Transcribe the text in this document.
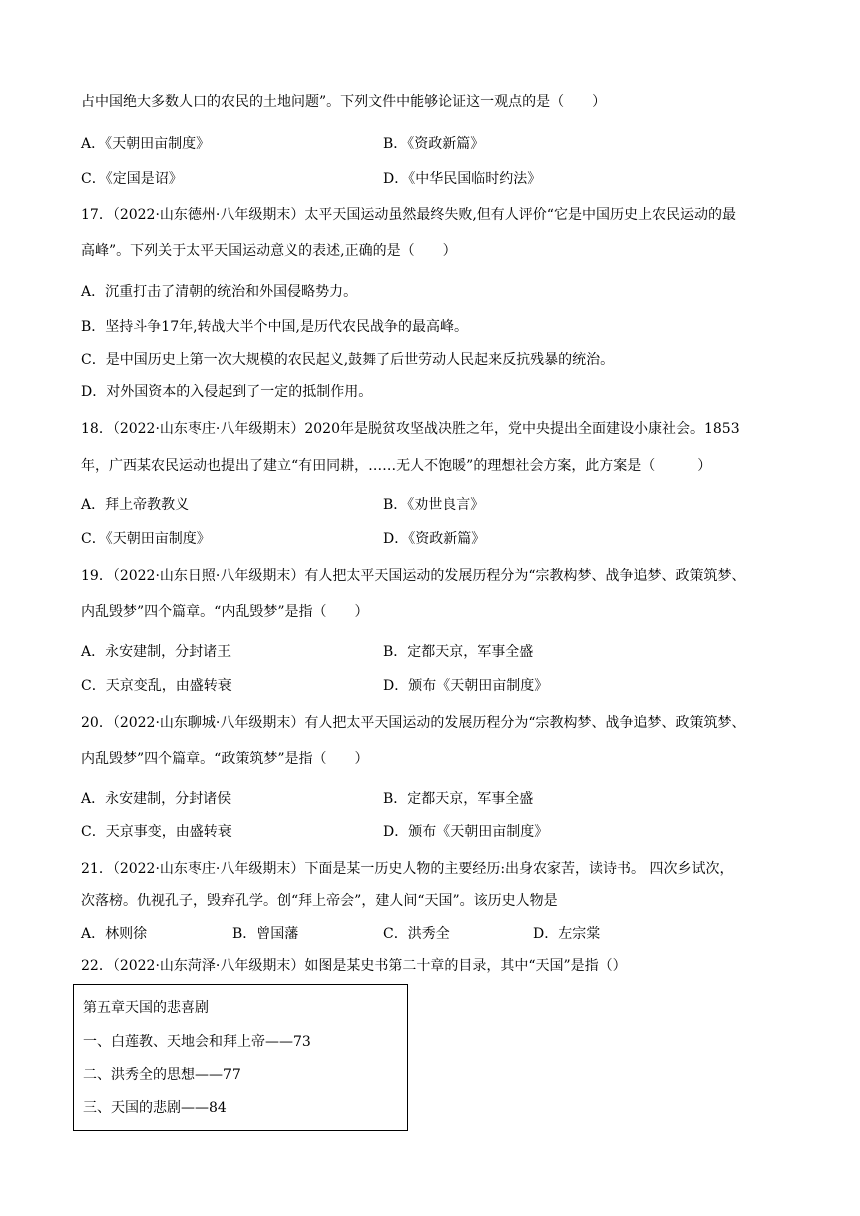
占中国绝大多数人口的农民的土地问题”。下列文件中能够论证这一观点的是（　　）
A．《天朝田亩制度》	B．《资政新篇》
C．《定国是诏》	D．《中华民国临时约法》
17．（2022·山东德州·八年级期末）太平天国运动虽然最终失败,但有人评价“它是中国历史上农民运动的最
高峰”。下列关于太平天国运动意义的表述,正确的是（　　）
A．沉重打击了清朝的统治和外国侵略势力。
B．坚持斗争17年,转战大半个中国,是历代农民战争的最高峰。
C．是中国历史上第一次大规模的农民起义,鼓舞了后世劳动人民起来反抗残暴的统治。
D．对外国资本的入侵起到了一定的抵制作用。
18．（2022·山东枣庄·八年级期末）2020年是脱贫攻坚战决胜之年，党中央提出全面建设小康社会。1853
年，广西某农民运动也提出了建立“有田同耕，……无人不饱暖”的理想社会方案，此方案是（　　　）
A．拜上帝教教义	B．《劝世良言》
C．《天朝田亩制度》	D．《资政新篇》
19．（2022·山东日照·八年级期末）有人把太平天国运动的发展历程分为“宗教构梦、战争追梦、政策筑梦、
内乱毁梦”四个篇章。“内乱毁梦”是指（　　）
A．永安建制，分封诸王	B．定都天京，军事全盛
C．天京变乱，由盛转衰	D．颁布《天朝田亩制度》
20．（2022·山东聊城·八年级期末）有人把太平天国运动的发展历程分为“宗教构梦、战争追梦、政策筑梦、
内乱毁梦”四个篇章。“政策筑梦”是指（　　）
A．永安建制，分封诸侯	B．定都天京，军事全盛
C．天京事变，由盛转衰	D．颁布《天朝田亩制度》
21．（2022·山东枣庄·八年级期末）下面是某一历史人物的主要经历:出身农家苦，读诗书。 四次乡试次，
次落榜。仇视孔子，毁弃孔学。创“拜上帝会”，建人间“天国”。该历史人物是
A．林则徐	B．曾国藩	C．洪秀全	D．左宗棠
22．（2022·山东菏泽·八年级期末）如图是某史书第二十章的目录，其中“天国”是指（）
第五章天国的悲喜剧
一、白莲教、天地会和拜上帝——73
二、洪秀全的思想——77
三、天国的悲剧——84
